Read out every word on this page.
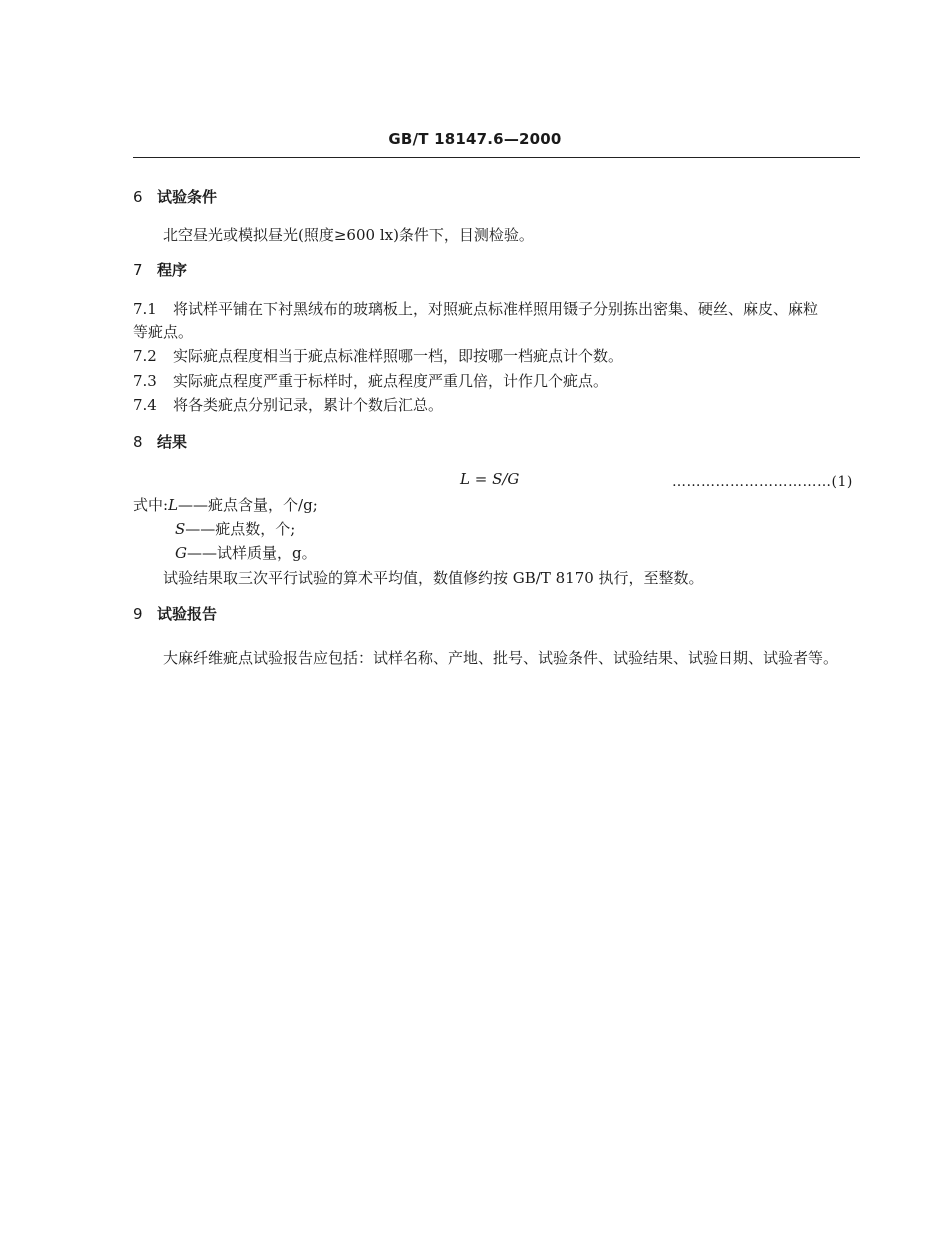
GB/T 18147.6—2000
6 试验条件
北空昼光或模拟昼光(照度≥600 lx)条件下，目测检验。
7 程序
7.1 将试样平铺在下衬黑绒布的玻璃板上，对照疵点标准样照用镊子分别拣出密集、硬丝、麻皮、麻粒
等疵点。
7.2 实际疵点程度相当于疵点标准样照哪一档，即按哪一档疵点计个数。
7.3 实际疵点程度严重于标样时，疵点程度严重几倍，计作几个疵点。
7.4 将各类疵点分别记录，累计个数后汇总。
8 结果
L = S/G	……………………………(1)
式中:L——疵点含量，个/g;
S——疵点数，个;
G——试样质量，g。
试验结果取三次平行试验的算术平均值，数值修约按 GB/T 8170 执行，至整数。
9 试验报告
大麻纤维疵点试验报告应包括：试样名称、产地、批号、试验条件、试验结果、试验日期、试验者等。
